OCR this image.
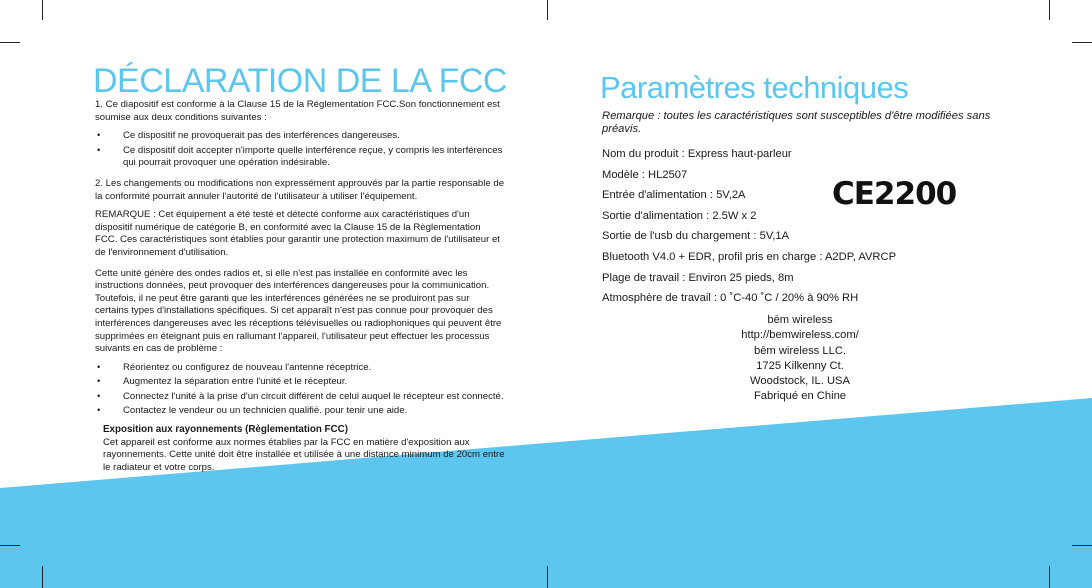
DÉCLARATION DE LA FCC

1. Ce diapositif est conforme à la Clause 15 de la Réglementation FCC.Son fonctionnement est soumise aux deux conditions suivantes :

• Ce dispositif ne provoquerait pas des interférences dangereuses.
• Ce dispositif doit accepter n'importe quelle interférence reçue, y compris les interférences qui pourrait provoquer une opération indésirable.

2. Les changements ou modifications non expressément approuvés par la partie responsable de la conformité pourrait annuler l'autorité de l'utilisateur à utiliser l'équipement.

REMARQUE : Cet équipement a été testé et détecté conforme aux caractéristiques d'un dispositif numérique de catégorie B, en conformité avec la Clause 15 de la Règlementation FCC. Ces caractéristiques sont établies pour garantir une protection maximum de l'utilisateur et de l'environnement d'utilisation.

Cette unité génère des ondes radios et, si elle n'est pas installée en conformité avec les instructions données, peut provoquer des interférences dangereuses pour la communication. Toutefois, il ne peut être garanti que les interférences générées ne se produiront pas sur certains types d'installations spécifiques. Si cet apparaît n'est pas connue pour provoquer des interférences dangereuses avec les réceptions télévisuelles ou radiophoniques qui peuvent être supprimées en éteignant puis en rallumant l'appareil, l'utilisateur peut effectuer les processus suivants en cas de problème :

• Réorientez ou configurez de nouveau l'antenne réceptrice.
• Augmentez la séparation entre l'unité et le récepteur.
• Connectez l'unité à la prise d'un circuit différent de celui auquel le récepteur est connecté.
• Contactez le vendeur ou un technicien qualifié. pour tenir une aide.
Exposition aux rayonnements (Règlementation FCC)

Cet appareil est conforme aux normes établies par la FCC en matière d'exposition aux rayonnements. Cette unité doit être installée et utilisée à une distance minimum de 20cm entre le radiateur et votre corps.

Paramètres techniques

Remarque : toutes les caractéristiques sont susceptibles d'être modifiées sans préavis.

Nom du produit : Express haut-parleur

Modèle : HL2507

Entrée d'alimentation : 5V,2A

Sortie d'alimentation : 2.5W x 2

Sortie de l'usb du chargement : 5V,1A

Bluetooth V4.0 + EDR, profil pris en charge : A2DP, AVRCP

Plage de travail : Environ 25 pieds, 8m

Atmosphère de travail : 0 ˚C-40 ˚C / 20% à 90% RH

CE2200
bēm wireless
http://bemwireless.com/
bēm wireless LLC.
1725 Kilkenny Ct.
Woodstock, IL. USA
Fabriqué en Chine
